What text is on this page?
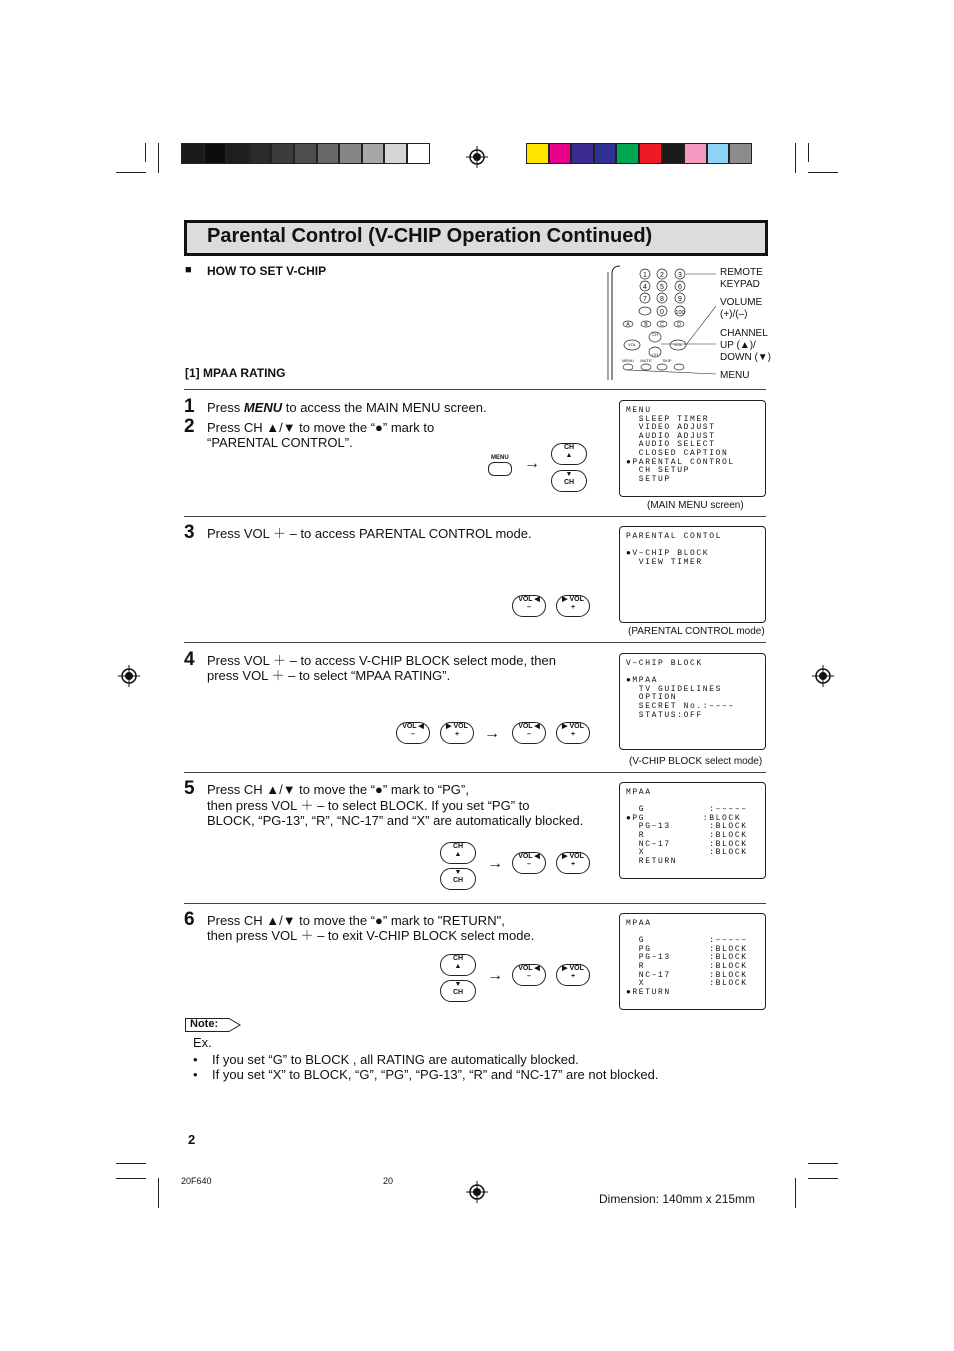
Parental Control (V-CHIP Operation Continued)
■ HOW TO SET V-CHIP
[1] MPAA RATING
1 2 3
4 5 6
7 8 9
0 100
A	B	C	D
MENU MUTE	SKIP
VOL	VOL
CH
CH
REMOTE
KEYPAD
VOLUME
(+)/(–)
CHANNEL
UP (▲)/
DOWN (▼)
MENU
1 Press MENU to access the MAIN MENU screen.
2 Press CH ▲/▼ to move the “●” mark to
“PARENTAL CONTROL”.
MENU →
CH
▲
▼
CH
MENU
SLEEP TIMER
VIDEO ADJUST
AUDIO ADJUST
AUDIO SELECT
CLOSED CAPTION
●PARENTAL CONTROL
CH SETUP
SETUP
(MAIN MENU screen)
3 Press VOL ＋ – to access PARENTAL CONTROL mode.
VOL ◀
–
▶ VOL
+
PARENTAL CONTOL

●V–CHIP BLOCK
VIEW TIMER
(PARENTAL CONTROL mode)
4 Press VOL ＋ – to access V-CHIP BLOCK select mode, then
press VOL ＋ – to select “MPAA RATING”.
VOL ◀
–
▶ VOL
+	→	VOL ◀
–
▶ VOL
+
V–CHIP BLOCK

●MPAA
TV GUIDELINES
OPTION
SECRET No.:––––
STATUS:OFF
(V-CHIP BLOCK select mode)
5 Press CH ▲/▼ to move the “●” mark to “PG”,
then press VOL ＋ – to select BLOCK. If you set “PG” to
BLOCK, “PG-13”, “R”, “NC-17” and “X” are automatically blocked.
CH
▲
▼
CH
→	VOL ◀
–
▶ VOL
+
MPAA

G          :–––––
●PG         :BLOCK
PG–13      :BLOCK
R          :BLOCK
NC–17      :BLOCK
X          :BLOCK
RETURN
6 Press CH ▲/▼ to move the “●” mark to "RETURN",
then press VOL ＋ – to exit V-CHIP BLOCK select mode.
CH
▲
▼
CH
→	VOL ◀
–
▶ VOL
+
MPAA

G          :–––––
PG         :BLOCK
PG–13      :BLOCK
R          :BLOCK
NC–17      :BLOCK
X          :BLOCK
●RETURN
Note:
Ex.
•    If you set “G” to BLOCK , all RATING are automatically blocked.
•    If you set “X” to BLOCK, “G”, “PG”, “PG-13”, “R” and “NC-17” are not blocked.
2
20F640	20
Dimension: 140mm x 215mm
